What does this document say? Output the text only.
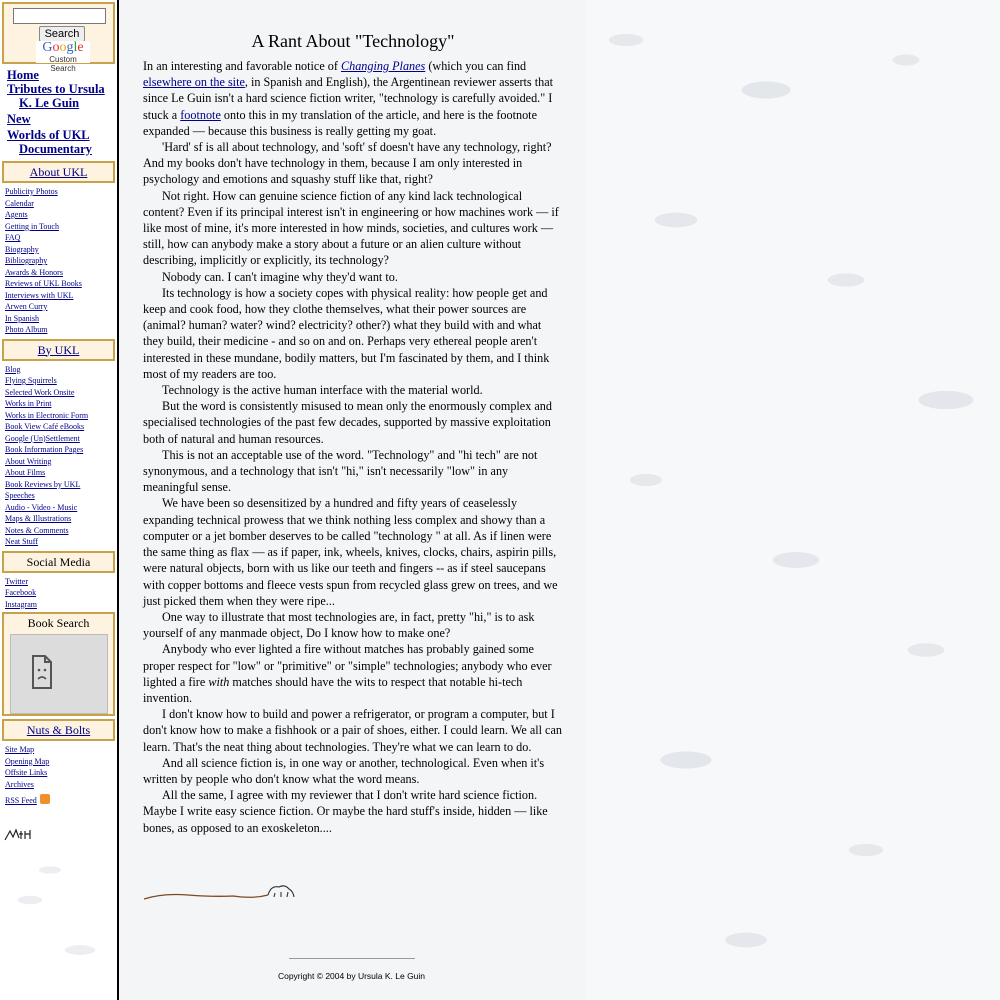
Search
Google
Custom Search
Home
Tributes to Ursula
K. Le Guin
New
Worlds of UKL
Documentary
About UKL
Publicity Photos
Calendar
Agents
Getting in Touch
FAQ
Biography
Bibliography
Awards & Honors
Reviews of UKL Books
Interviews with UKL
Arwen Curry
In Spanish
Photo Album
By UKL
Blog
Flying Squirrels
Selected Work Onsite
Works in Print
Works in Electronic Form
Book View Café eBooks
Google (Un)Settlement
Book Information Pages
About Writing
About Films
Book Reviews by UKL
Speeches
Audio - Video - Music
Maps & Illustrations
Notes & Comments
Neat Stuff
Social Media
Twitter
Facebook
Instagram
Book Search
Nuts & Bolts
Site Map
Opening Map
Offsite Links
Archives
RSS Feed
A Rant About "Technology"

In an interesting and favorable notice of Changing Planes (which you can find elsewhere on the site, in Spanish and English), the Argentinean reviewer asserts that since Le Guin isn't a hard science fiction writer, "technology is carefully avoided." I stuck a footnote onto this in my translation of the article, and here is the footnote expanded — because this business is really getting my goat.

'Hard' sf is all about technology, and 'soft' sf doesn't have any technology, right? And my books don't have technology in them, because I am only interested in psychology and emotions and squashy stuff like that, right?

Not right. How can genuine science fiction of any kind lack technological content? Even if its principal interest isn't in engineering or how machines work — if like most of mine, it's more interested in how minds, societies, and cultures work — still, how can anybody make a story about a future or an alien culture without describing, implicitly or explicitly, its technology?

Nobody can. I can't imagine why they'd want to.

Its technology is how a society copes with physical reality: how people get and keep and cook food, how they clothe themselves, what their power sources are (animal? human? water? wind? electricity? other?) what they build with and what they build, their medicine - and so on and on. Perhaps very ethereal people aren't interested in these mundane, bodily matters, but I'm fascinated by them, and I think most of my readers are too.

Technology is the active human interface with the material world.

But the word is consistently misused to mean only the enormously complex and specialised technologies of the past few decades, supported by massive exploitation both of natural and human resources.

This is not an acceptable use of the word. "Technology" and "hi tech" are not synonymous, and a technology that isn't "hi," isn't necessarily "low" in any meaningful sense.

We have been so desensitized by a hundred and fifty years of ceaselessly expanding technical prowess that we think nothing less complex and showy than a computer or a jet bomber deserves to be called "technology " at all. As if linen were the same thing as flax — as if paper, ink, wheels, knives, clocks, chairs, aspirin pills, were natural objects, born with us like our teeth and fingers -- as if steel saucepans with copper bottoms and fleece vests spun from recycled glass grew on trees, and we just picked them when they were ripe...

One way to illustrate that most technologies are, in fact, pretty "hi," is to ask yourself of any manmade object, Do I know how to make one?

Anybody who ever lighted a fire without matches has probably gained some proper respect for "low" or "primitive" or "simple" technologies; anybody who ever lighted a fire with matches should have the wits to respect that notable hi-tech invention.

I don't know how to build and power a refrigerator, or program a computer, but I don't know how to make a fishhook or a pair of shoes, either. I could learn. We all can learn. That's the neat thing about technologies. They're what we can learn to do.

And all science fiction is, in one way or another, technological. Even when it's written by people who don't know what the word means.

All the same, I agree with my reviewer that I don't write hard science fiction. Maybe I write easy science fiction. Or maybe the hard stuff's inside, hidden — like bones, as opposed to an exoskeleton....

Copyright © 2004 by Ursula K. Le Guin
